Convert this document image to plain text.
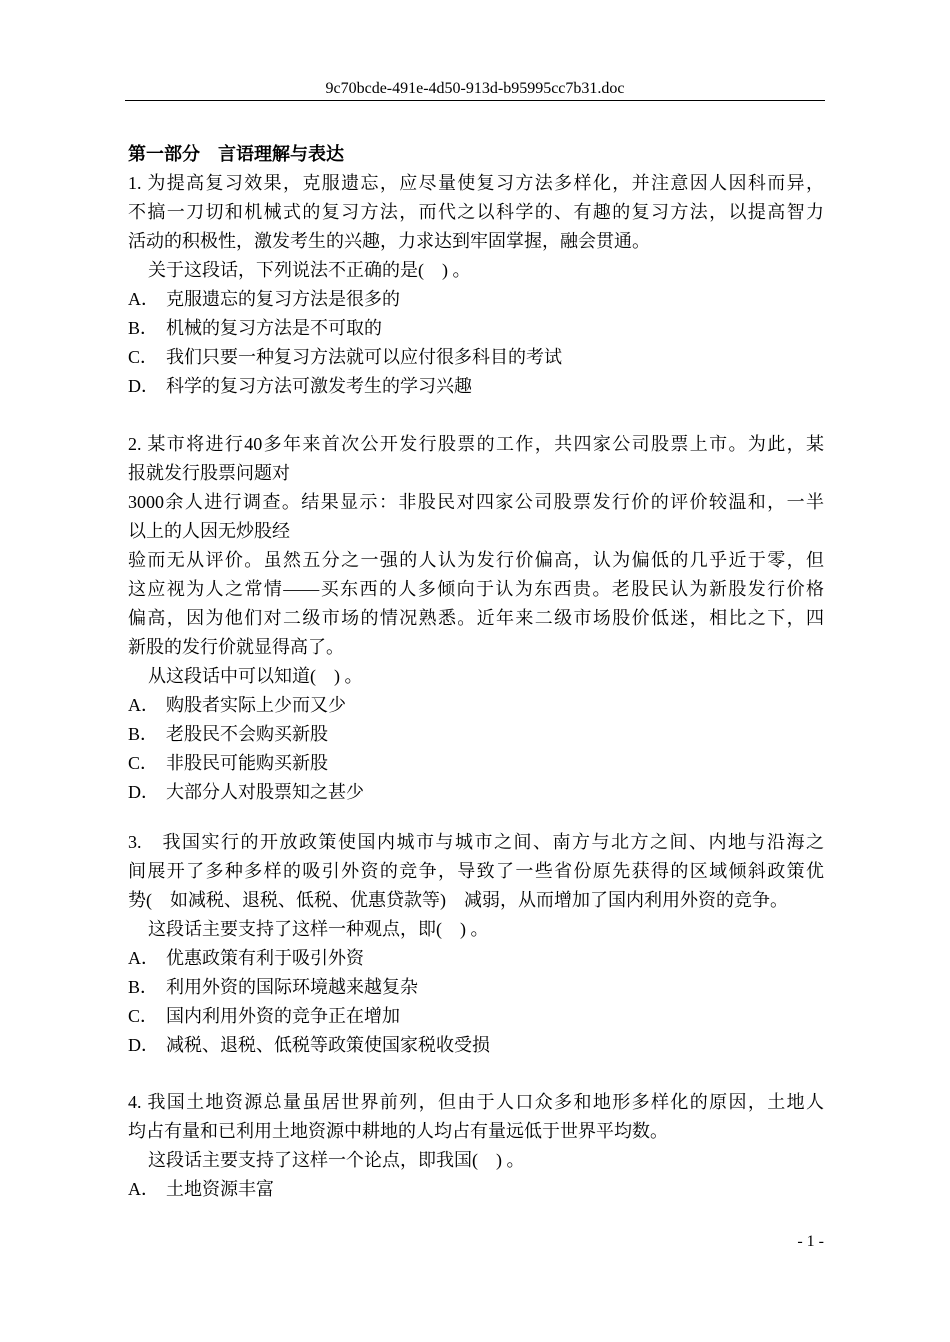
9c70bcde-491e-4d50-913d-b95995cc7b31.doc
第一部分　言语理解与表达
1. 为提高复习效果，克服遗忘，应尽量使复习方法多样化，并注意因人因科而异，
不搞一刀切和机械式的复习方法，而代之以科学的、有趣的复习方法，以提高智力
活动的积极性，激发考生的兴趣，力求达到牢固掌握，融会贯通。
关于这段话，下列说法不正确的是(　) 。
A． 克服遗忘的复习方法是很多的
B． 机械的复习方法是不可取的
C． 我们只要一种复习方法就可以应付很多科目的考试
D． 科学的复习方法可激发考生的学习兴趣
2. 某市将进行40多年来首次公开发行股票的工作，共四家公司股票上市。为此，某
报就发行股票问题对
3000余人进行调查。结果显示：非股民对四家公司股票发行价的评价较温和，一半
以上的人因无炒股经
验而无从评价。虽然五分之一强的人认为发行价偏高，认为偏低的几乎近于零，但
这应视为人之常情——买东西的人多倾向于认为东西贵。老股民认为新股发行价格
偏高，因为他们对二级市场的情况熟悉。近年来二级市场股价低迷，相比之下，四
新股的发行价就显得高了。
从这段话中可以知道(　) 。
A． 购股者实际上少而又少
B． 老股民不会购买新股
C． 非股民可能购买新股
D． 大部分人对股票知之甚少
3.　我国实行的开放政策使国内城市与城市之间、南方与北方之间、内地与沿海之
间展开了多种多样的吸引外资的竞争，导致了一些省份原先获得的区域倾斜政策优
势(　如减税、退税、低税、优惠贷款等)　减弱，从而增加了国内利用外资的竞争。
这段话主要支持了这样一种观点，即(　) 。
A． 优惠政策有利于吸引外资
B． 利用外资的国际环境越来越复杂
C． 国内利用外资的竞争正在增加
D． 减税、退税、低税等政策使国家税收受损
4. 我国土地资源总量虽居世界前列，但由于人口众多和地形多样化的原因，土地人
均占有量和已利用土地资源中耕地的人均占有量远低于世界平均数。
这段话主要支持了这样一个论点，即我国(　) 。
A． 土地资源丰富
- 1 -
